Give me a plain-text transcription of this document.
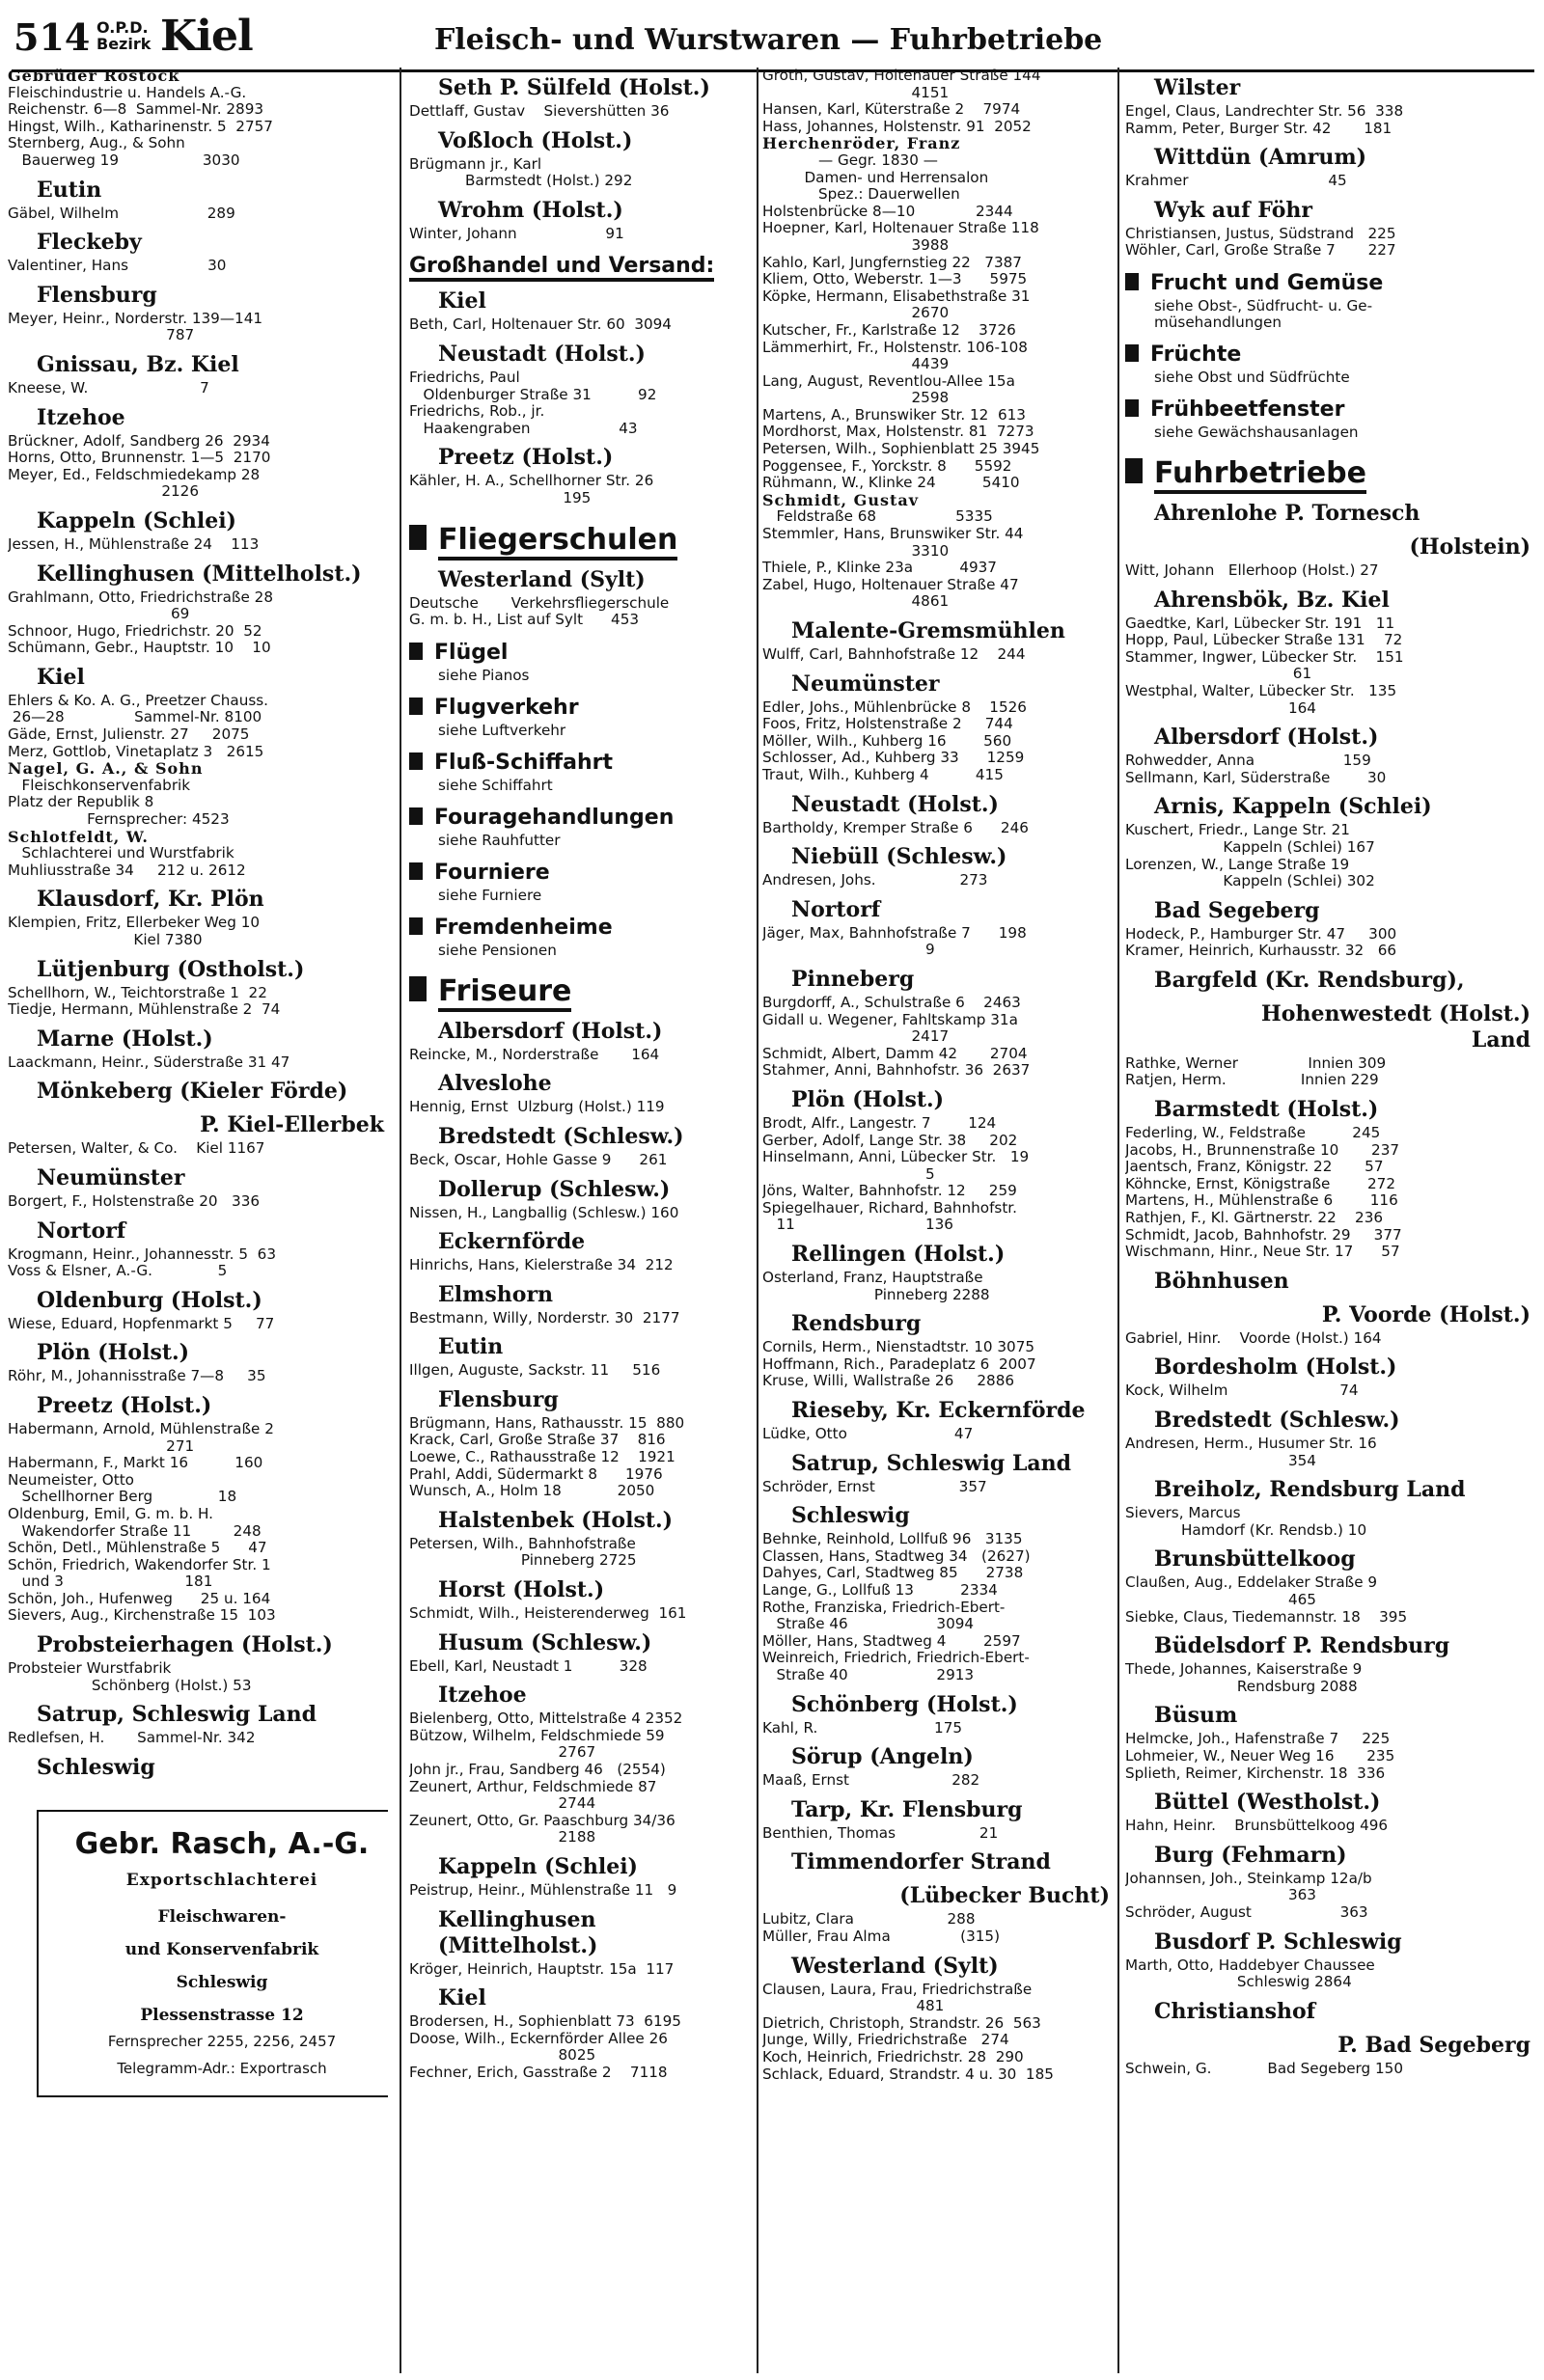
514 O.P.D.
Bezirk Kiel	Fleisch- und Wurstwaren — Fuhrbetriebe
Gebrüder Rostock
Fleischindustrie u. Handels A.-G.
Reichenstr. 6—8  Sammel-Nr. 2893
Hingst, Wilh., Katharinenstr. 5  2757
Sternberg, Aug., & Sohn
Bauerweg 19                  3030
Eutin
Gäbel, Wilhelm                   289
Fleckeby
Valentiner, Hans                 30
Flensburg
Meyer, Heinr., Norderstr. 139—141
787
Gnissau, Bz. Kiel
Kneese, W.                        7
Itzehoe
Brückner, Adolf, Sandberg 26  2934
Horns, Otto, Brunnenstr. 1—5  2170
Meyer, Ed., Feldschmiedekamp 28
2126
Kappeln (Schlei)
Jessen, H., Mühlenstraße 24    113
Kellinghusen (Mittelholst.)
Grahlmann, Otto, Friedrichstraße 28
69
Schnoor, Hugo, Friedrichstr. 20  52
Schümann, Gebr., Hauptstr. 10    10
Kiel
Ehlers & Ko. A. G., Preetzer Chauss.
26—28               Sammel-Nr. 8100
Gäde, Ernst, Julienstr. 27     2075
Merz, Gottlob, Vinetaplatz 3   2615
Nagel, G. A., & Sohn
Fleischkonservenfabrik
Platz der Republik 8
Fernsprecher: 4523
Schlotfeldt, W.
Schlachterei und Wurstfabrik
Muhliusstraße 34     212 u. 2612
Klausdorf, Kr. Plön
Klempien, Fritz, Ellerbeker Weg 10
Kiel 7380
Lütjenburg (Ostholst.)
Schellhorn, W., Teichtorstraße 1  22
Tiedje, Hermann, Mühlenstraße 2  74
Marne (Holst.)
Laackmann, Heinr., Süderstraße 31 47
Mönkeberg (Kieler Förde)
P. Kiel-Ellerbek
Petersen, Walter, & Co.    Kiel 1167
Neumünster
Borgert, F., Holstenstraße 20   336
Nortorf
Krogmann, Heinr., Johannesstr. 5  63
Voss & Elsner, A.-G.              5
Oldenburg (Holst.)
Wiese, Eduard, Hopfenmarkt 5     77
Plön (Holst.)
Röhr, M., Johannisstraße 7—8     35
Preetz (Holst.)
Habermann, Arnold, Mühlenstraße 2
271
Habermann, F., Markt 16          160
Neumeister, Otto
Schellhorner Berg              18
Oldenburg, Emil, G. m. b. H.
Wakendorfer Straße 11         248
Schön, Detl., Mühlenstraße 5      47
Schön, Friedrich, Wakendorfer Str. 1
und 3                          181
Schön, Joh., Hufenweg      25 u. 164
Sievers, Aug., Kirchenstraße 15  103
Probsteierhagen (Holst.)
Probsteier Wurstfabrik
Schönberg (Holst.) 53
Satrup, Schleswig Land
Redlefsen, H.       Sammel-Nr. 342
Schleswig
Gebr. Rasch, A.-G.
Exportschlachterei
Fleischwaren-
und Konservenfabrik
Schleswig
Plessenstrasse 12
Fernsprecher 2255, 2256, 2457
Telegramm-Adr.: Exportrasch
Seth P. Sülfeld (Holst.)
Dettlaff, Gustav    Sievershütten 36
Voßloch (Holst.)
Brügmann jr., Karl
Barmstedt (Holst.) 292
Wrohm (Holst.)
Winter, Johann                   91
Großhandel und Versand:
Kiel
Beth, Carl, Holtenauer Str. 60  3094
Neustadt (Holst.)
Friedrichs, Paul
Oldenburger Straße 31          92
Friedrichs, Rob., jr.
Haakengraben                   43
Preetz (Holst.)
Kähler, H. A., Schellhorner Str. 26
195
Fliegerschulen
Westerland (Sylt)
Deutsche       Verkehrsfliegerschule
G. m. b. H., List auf Sylt      453
Flügel
siehe Pianos
Flugverkehr
siehe Luftverkehr
Fluß-Schiffahrt
siehe Schiffahrt
Fouragehandlungen
siehe Rauhfutter
Fourniere
siehe Furniere
Fremdenheime
siehe Pensionen
Friseure
Albersdorf (Holst.)
Reincke, M., Norderstraße       164
Alveslohe
Hennig, Ernst  Ulzburg (Holst.) 119
Bredstedt (Schlesw.)
Beck, Oscar, Hohle Gasse 9      261
Dollerup (Schlesw.)
Nissen, H., Langballig (Schlesw.) 160
Eckernförde
Hinrichs, Hans, Kielerstraße 34  212
Elmshorn
Bestmann, Willy, Norderstr. 30  2177
Eutin
Illgen, Auguste, Sackstr. 11     516
Flensburg
Brügmann, Hans, Rathausstr. 15  880
Krack, Carl, Große Straße 37    816
Loewe, C., Rathausstraße 12    1921
Prahl, Addi, Südermarkt 8      1976
Wunsch, A., Holm 18            2050
Halstenbek (Holst.)
Petersen, Wilh., Bahnhofstraße
Pinneberg 2725
Horst (Holst.)
Schmidt, Wilh., Heisterenderweg  161
Husum (Schlesw.)
Ebell, Karl, Neustadt 1          328
Itzehoe
Bielenberg, Otto, Mittelstraße 4 2352
Bützow, Wilhelm, Feldschmiede 59
2767
John jr., Frau, Sandberg 46   (2554)
Zeunert, Arthur, Feldschmiede 87
2744
Zeunert, Otto, Gr. Paaschburg 34/36
2188
Kappeln (Schlei)
Peistrup, Heinr., Mühlenstraße 11   9
Kellinghusen (Mittelholst.)
Kröger, Heinrich, Hauptstr. 15a  117
Kiel
Brodersen, H., Sophienblatt 73  6195
Doose, Wilh., Eckernförder Allee 26
8025
Fechner, Erich, Gasstraße 2    7118
Groth, Gustav, Holtenauer Straße 144
4151
Hansen, Karl, Küterstraße 2    7974
Hass, Johannes, Holstenstr. 91  2052
Herchenröder, Franz
— Gegr. 1830 —
Damen- und Herrensalon
Spez.: Dauerwellen
Holstenbrücke 8—10             2344
Hoepner, Karl, Holtenauer Straße 118
3988
Kahlo, Karl, Jungfernstieg 22   7387
Kliem, Otto, Weberstr. 1—3      5975
Köpke, Hermann, Elisabethstraße 31
2670
Kutscher, Fr., Karlstraße 12    3726
Lämmerhirt, Fr., Holstenstr. 106-108
4439
Lang, August, Reventlou-Allee 15a
2598
Martens, A., Brunswiker Str. 12  613
Mordhorst, Max, Holstenstr. 81  7273
Petersen, Wilh., Sophienblatt 25 3945
Poggensee, F., Yorckstr. 8      5592
Rühmann, W., Klinke 24          5410
Schmidt, Gustav
Feldstraße 68                 5335
Stemmler, Hans, Brunswiker Str. 44
3310
Thiele, P., Klinke 23a          4937
Zabel, Hugo, Holtenauer Straße 47
4861
Malente-Gremsmühlen
Wulff, Carl, Bahnhofstraße 12    244
Neumünster
Edler, Johs., Mühlenbrücke 8    1526
Foos, Fritz, Holstenstraße 2     744
Möller, Wilh., Kuhberg 16        560
Schlosser, Ad., Kuhberg 33      1259
Traut, Wilh., Kuhberg 4          415
Neustadt (Holst.)
Bartholdy, Kremper Straße 6      246
Niebüll (Schlesw.)
Andresen, Johs.                  273
Nortorf
Jäger, Max, Bahnhofstraße 7      198
9
Pinneberg
Burgdorff, A., Schulstraße 6    2463
Gidall u. Wegener, Fahltskamp 31a
2417
Schmidt, Albert, Damm 42       2704
Stahmer, Anni, Bahnhofstr. 36  2637
Plön (Holst.)
Brodt, Alfr., Langestr. 7        124
Gerber, Adolf, Lange Str. 38     202
Hinselmann, Anni, Lübecker Str.   19
5
Jöns, Walter, Bahnhofstr. 12     259
Spiegelhauer, Richard, Bahnhofstr.
11                            136
Rellingen (Holst.)
Osterland, Franz, Hauptstraße
Pinneberg 2288
Rendsburg
Cornils, Herm., Nienstadtstr. 10 3075
Hoffmann, Rich., Paradeplatz 6  2007
Kruse, Willi, Wallstraße 26     2886
Rieseby, Kr. Eckernförde
Lüdke, Otto                       47
Satrup, Schleswig Land
Schröder, Ernst                  357
Schleswig
Behnke, Reinhold, Lollfuß 96   3135
Classen, Hans, Stadtweg 34   (2627)
Dahyes, Carl, Stadtweg 85      2738
Lange, G., Lollfuß 13          2334
Rothe, Franziska, Friedrich-Ebert-
Straße 46                   3094
Möller, Hans, Stadtweg 4        2597
Weinreich, Friedrich, Friedrich-Ebert-
Straße 40                   2913
Schönberg (Holst.)
Kahl, R.                         175
Sörup (Angeln)
Maaß, Ernst                      282
Tarp, Kr. Flensburg
Benthien, Thomas                  21
Timmendorfer Strand
(Lübecker Bucht)
Lubitz, Clara                    288
Müller, Frau Alma               (315)
Westerland (Sylt)
Clausen, Laura, Frau, Friedrichstraße
481
Dietrich, Christoph, Strandstr. 26  563
Junge, Willy, Friedrichstraße   274
Koch, Heinrich, Friedrichstr. 28  290
Schlack, Eduard, Strandstr. 4 u. 30  185
Wilster
Engel, Claus, Landrechter Str. 56  338
Ramm, Peter, Burger Str. 42       181
Wittdün (Amrum)
Krahmer                              45
Wyk auf Föhr
Christiansen, Justus, Südstrand   225
Wöhler, Carl, Große Straße 7       227
Frucht und Gemüse
siehe Obst-, Südfrucht- u. Ge-
müsehandlungen
Früchte
siehe Obst und Südfrüchte
Frühbeetfenster
siehe Gewächshausanlagen
Fuhrbetriebe
Ahrenlohe P. Tornesch
(Holstein)
Witt, Johann   Ellerhoop (Holst.) 27
Ahrensbök, Bz. Kiel
Gaedtke, Karl, Lübecker Str. 191   11
Hopp, Paul, Lübecker Straße 131    72
Stammer, Ingwer, Lübecker Str.    151
61
Westphal, Walter, Lübecker Str.   135
164
Albersdorf (Holst.)
Rohwedder, Anna                   159
Sellmann, Karl, Süderstraße        30
Arnis, Kappeln (Schlei)
Kuschert, Friedr., Lange Str. 21
Kappeln (Schlei) 167
Lorenzen, W., Lange Straße 19
Kappeln (Schlei) 302
Bad Segeberg
Hodeck, P., Hamburger Str. 47     300
Kramer, Heinrich, Kurhausstr. 32   66
Bargfeld (Kr. Rendsburg),
Hohenwestedt (Holst.)
Land
Rathke, Werner               Innien 309
Ratjen, Herm.                Innien 229
Barmstedt (Holst.)
Federling, W., Feldstraße          245
Jacobs, H., Brunnenstraße 10       237
Jaentsch, Franz, Königstr. 22       57
Köhncke, Ernst, Königstraße        272
Martens, H., Mühlenstraße 6        116
Rathjen, F., Kl. Gärtnerstr. 22    236
Schmidt, Jacob, Bahnhofstr. 29     377
Wischmann, Hinr., Neue Str. 17      57
Böhnhusen
P. Voorde (Holst.)
Gabriel, Hinr.    Voorde (Holst.) 164
Bordesholm (Holst.)
Kock, Wilhelm                        74
Bredstedt (Schlesw.)
Andresen, Herm., Husumer Str. 16
354
Breiholz, Rendsburg Land
Sievers, Marcus
Hamdorf (Kr. Rendsb.) 10
Brunsbüttelkoog
Claußen, Aug., Eddelaker Straße 9
465
Siebke, Claus, Tiedemannstr. 18    395
Büdelsdorf P. Rendsburg
Thede, Johannes, Kaiserstraße 9
Rendsburg 2088
Büsum
Helmcke, Joh., Hafenstraße 7     225
Lohmeier, W., Neuer Weg 16       235
Splieth, Reimer, Kirchenstr. 18  336
Büttel (Westholst.)
Hahn, Heinr.    Brunsbüttelkoog 496
Burg (Fehmarn)
Johannsen, Joh., Steinkamp 12a/b
363
Schröder, August                   363
Busdorf P. Schleswig
Marth, Otto, Haddebyer Chaussee
Schleswig 2864
Christianshof
P. Bad Segeberg
Schwein, G.            Bad Segeberg 150
